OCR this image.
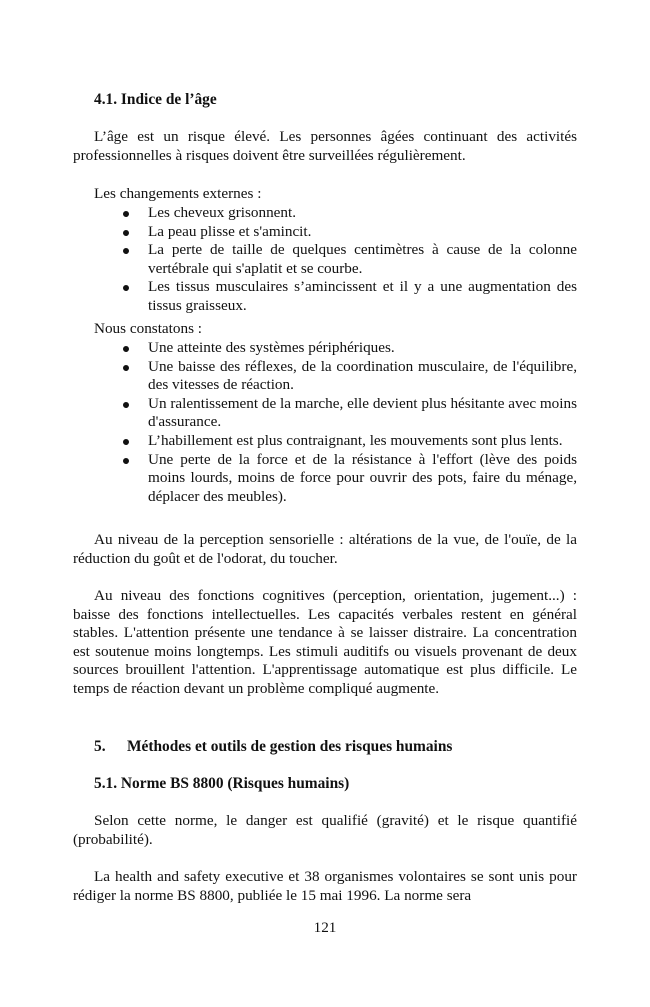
4.1. Indice de l’âge
L’âge est un risque élevé. Les personnes âgées continuant des activités professionnelles à risques doivent être surveillées régulièrement.
Les changements externes :
Les cheveux grisonnent.
La peau plisse et s'amincit.
La perte de taille de quelques centimètres à cause de la colonne vertébrale qui s'aplatit et se courbe.
Les tissus musculaires s’amincissent et il y a une augmentation des tissus graisseux.
Nous constatons :
Une atteinte des systèmes périphériques.
Une baisse des réflexes, de la coordination musculaire, de l'équilibre, des vitesses de réaction.
Un ralentissement de la marche, elle devient plus hésitante avec moins d'assurance.
L’habillement est plus contraignant, les mouvements sont plus lents.
Une perte de la force et de la résistance à l'effort (lève des poids moins lourds, moins de force pour ouvrir des pots, faire du ménage, déplacer des meubles).
Au niveau de la perception sensorielle : altérations de la vue, de l'ouïe, de la réduction du goût et de l'odorat, du toucher.
Au niveau des fonctions cognitives (perception, orientation, jugement...) : baisse des fonctions intellectuelles. Les capacités verbales restent en général stables. L'attention présente une tendance à se laisser distraire. La concentration est soutenue moins longtemps. Les stimuli auditifs ou visuels provenant de deux sources brouillent l'attention. L'apprentissage automatique est plus difficile. Le temps de réaction devant un problème compliqué augmente.
5. Méthodes et outils de gestion des risques humains
5.1. Norme BS 8800 (Risques humains)
Selon cette norme, le danger est qualifié (gravité) et le risque quantifié (probabilité).
La health and safety executive et 38 organismes volontaires se sont unis pour rédiger la norme BS 8800, publiée le 15 mai 1996. La norme sera
121
